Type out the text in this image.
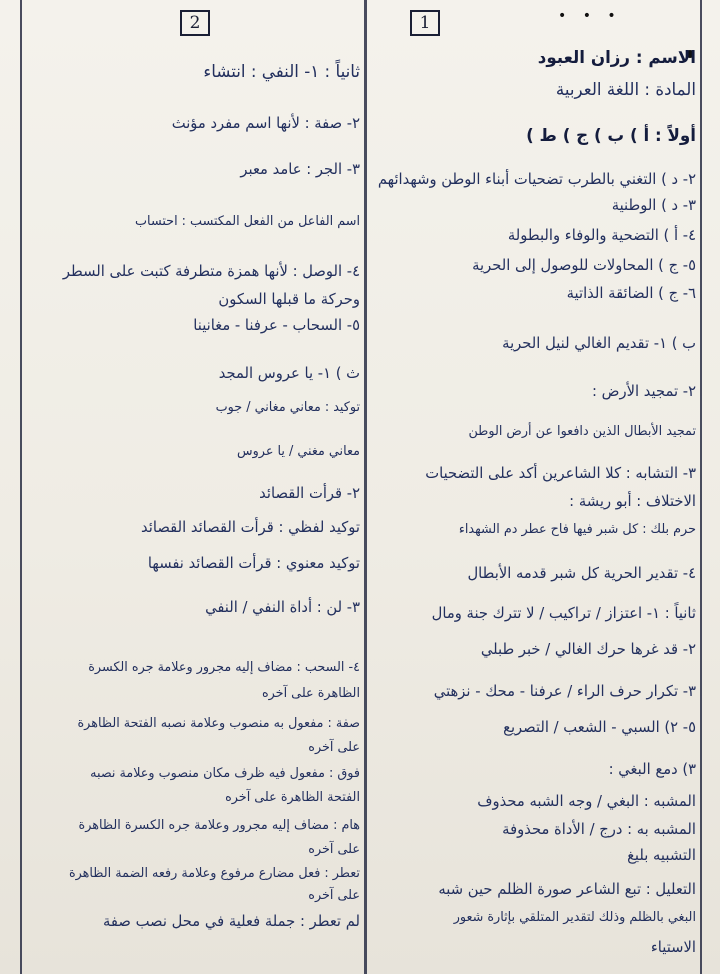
• • •
2	1
الاسم : رزان العبود
المادة : اللغة العربية
أولاً : أ ) ب ) ج ) ط )
٢- د ) التغني بالطرب تضحيات أبناء الوطن وشهدائهم
٣- د ) الوطنية
٤- أ ) التضحية والوفاء والبطولة
٥- ج ) المحاولات للوصول إلى الحرية
٦- ج ) الضائقة الذاتية
ب ) ١- تقديم الغالي لنيل الحرية
٢- تمجيد الأرض :
تمجيد الأبطال الذين دافعوا عن أرض الوطن
٣- التشابه : كلا الشاعرين أكد على التضحيات
الاختلاف : أبو ريشة :
حرم بلك : كل شبر فيها فاح عطر دم الشهداء
٤- تقدير الحرية كل شبر قدمه الأبطال
ثانياً : ١- اعتزاز / تراكيب / لا تترك جنة ومال
٢- قد غرها حرك الغالي / خبر طبلي
٣- تكرار حرف الراء / عرفنا - محك - نزهتي
٥- ٢) السبي - الشعب / التصريع
٣) دمع البغي :
المشبه : البغي / وجه الشبه محذوف
المشبه به : درج / الأداة محذوفة
التشبيه بليغ
التعليل : تبع الشاعر صورة الظلم حين شبه
البغي بالظلم وذلك لتقدير المتلقي بإثارة شعور
الاستياء
ثانياً : ١- النفي : انتشاء
٢- صفة : لأنها اسم مفرد مؤنث
٣- الجر : عامد معبر
اسم الفاعل من الفعل المكتسب : احتساب
٤- الوصل : لأنها همزة متطرفة كتبت على السطر
وحركة ما قبلها السكون
٥- السحاب - عرفنا - مغانينا
ث ) ١- يا عروس المجد
توكيد : معاني مغاني / جوب
معاني مغني / يا عروس
٢- قرأت القصائد
توكيد لفظي : قرأت القصائد القصائد
توكيد معنوي : قرأت القصائد نفسها
٣- لن : أداة النفي / النفي
٤- السحب : مضاف إليه مجرور وعلامة جره الكسرة
الظاهرة على آخره
صفة : مفعول به منصوب وعلامة نصبه الفتحة الظاهرة
على آخره
فوق : مفعول فيه ظرف مكان منصوب وعلامة نصبه
الفتحة الظاهرة على آخره
هام : مضاف إليه مجرور وعلامة جره الكسرة الظاهرة
على آخره
تعطر : فعل مضارع مرفوع وعلامة رفعه الضمة الظاهرة
على آخره
لم تعطر : جملة فعلية في محل نصب صفة
